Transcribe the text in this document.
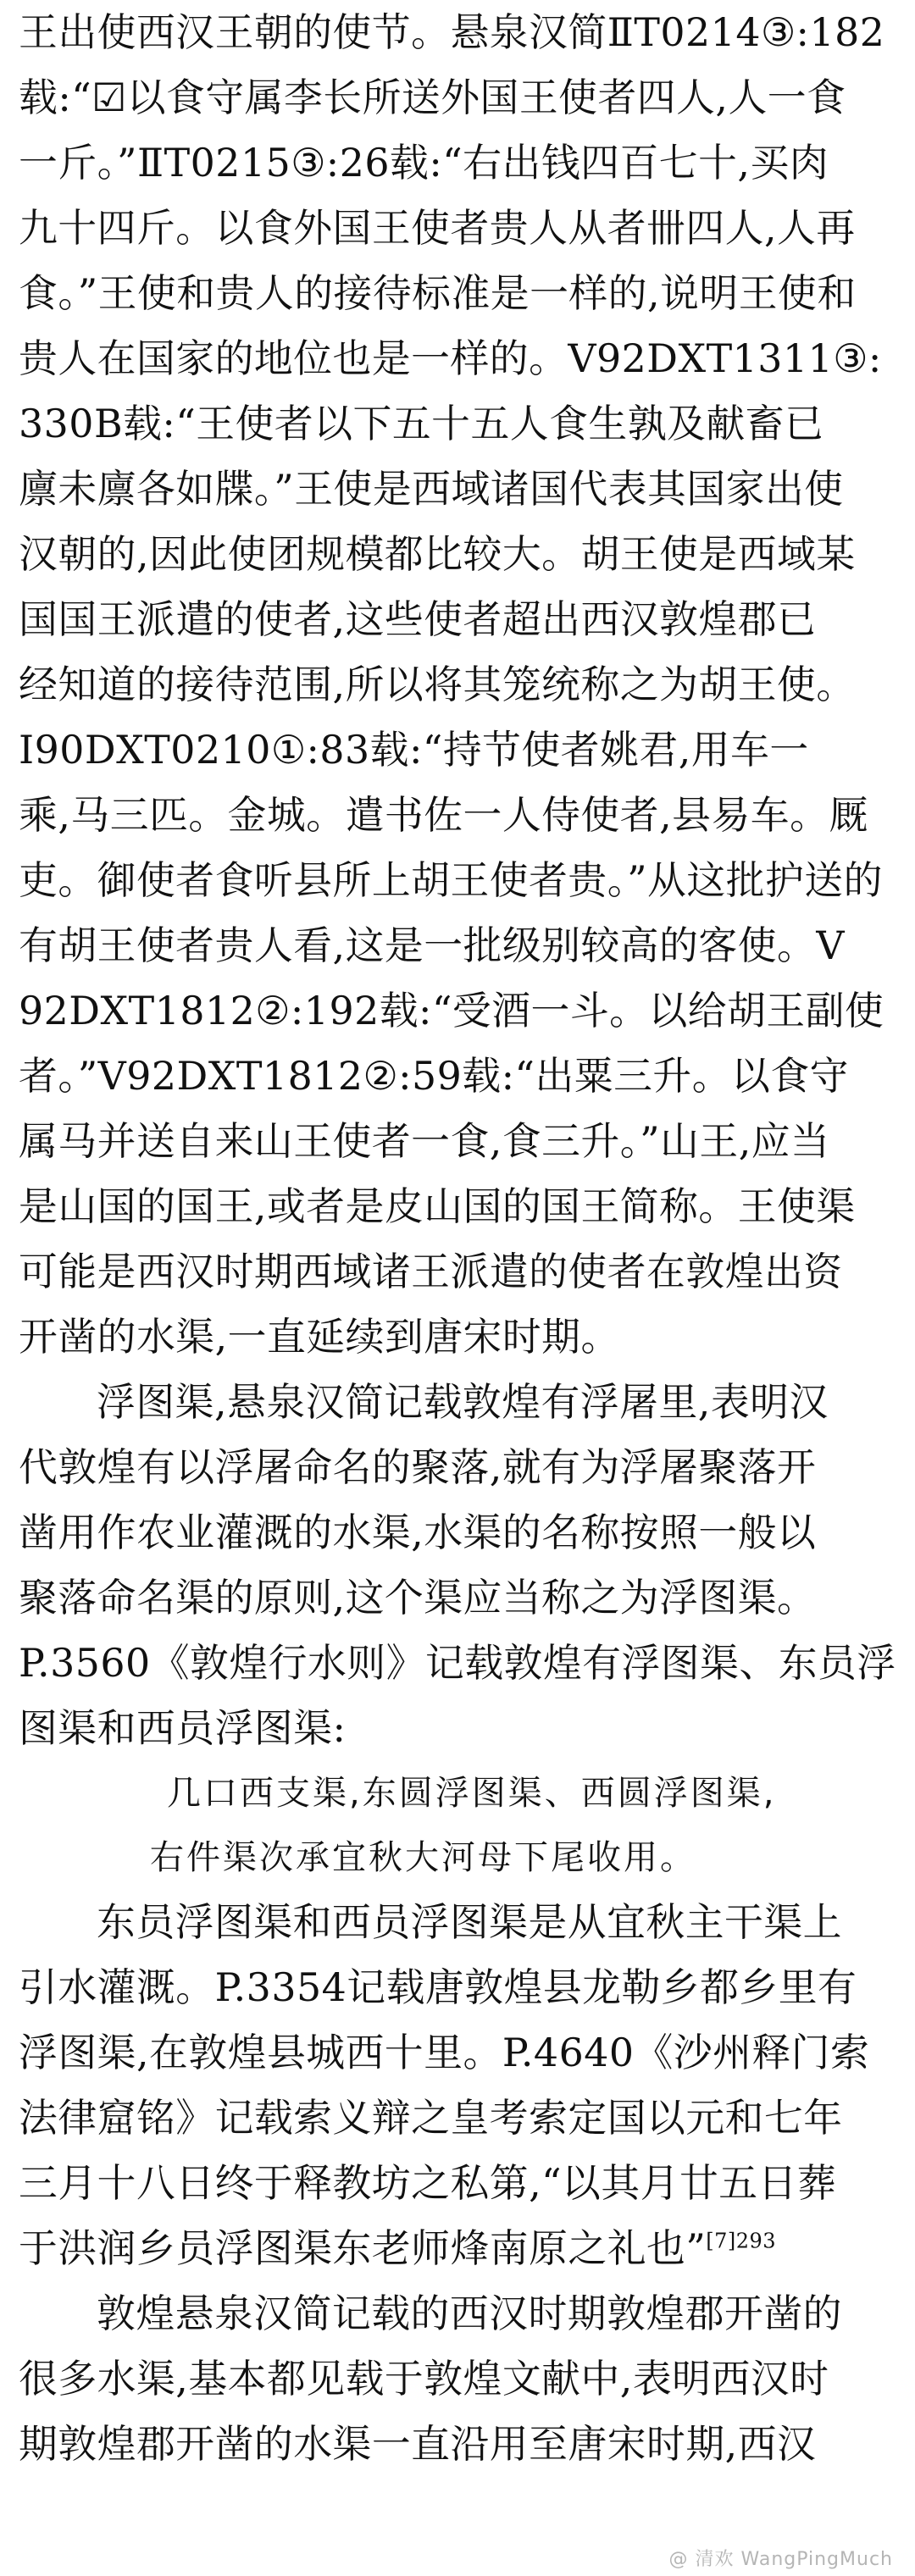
王出使西汉王朝的使节。悬泉汉简ⅡT0214③:182
载:“☑以食守属李长所送外国王使者四人,人一食
一斤。”ⅡT0215③:26载:“右出钱四百七十,买肉
九十四斤。以食外国王使者贵人从者卌四人,人再
食。”王使和贵人的接待标准是一样的,说明王使和
贵人在国家的地位也是一样的。Ⅴ92DXT1311③:
330B载:“王使者以下五十五人食生孰及献畜已
廪未廪各如牒。”王使是西域诸国代表其国家出使
汉朝的,因此使团规模都比较大。胡王使是西域某
国国王派遣的使者,这些使者超出西汉敦煌郡已
经知道的接待范围,所以将其笼统称之为胡王使。
Ⅰ90DXT0210①:83载:“持节使者姚君,用车一
乘,马三匹。金城。遣书佐一人侍使者,县易车。厩
吏。御使者食听县所上胡王使者贵。”从这批护送的
有胡王使者贵人看,这是一批级别较高的客使。Ⅴ
92DXT1812②:192载:“受酒一斗。以给胡王副使
者。”Ⅴ92DXT1812②:59载:“出粟三升。以食守
属马并送自来山王使者一食,食三升。”山王,应当
是山国的国王,或者是皮山国的国王简称。王使渠
可能是西汉时期西域诸王派遣的使者在敦煌出资
开凿的水渠,一直延续到唐宋时期。
浮图渠,悬泉汉简记载敦煌有浮屠里,表明汉
代敦煌有以浮屠命名的聚落,就有为浮屠聚落开
凿用作农业灌溉的水渠,水渠的名称按照一般以
聚落命名渠的原则,这个渠应当称之为浮图渠。
P.3560《敦煌行水则》记载敦煌有浮图渠、东员浮
图渠和西员浮图渠:
几口西支渠,东圆浮图渠、西圆浮图渠,
右件渠次承宜秋大河母下尾收用。
东员浮图渠和西员浮图渠是从宜秋主干渠上
引水灌溉。P.3354记载唐敦煌县龙勒乡都乡里有
浮图渠,在敦煌县城西十里。P.4640《沙州释门索
法律窟铭》记载索义辩之皇考索定国以元和七年
三月十八日终于释教坊之私第,“以其月廿五日葬
于洪润乡员浮图渠东老师烽南原之礼也”$^{[7]293}$
敦煌悬泉汉简记载的西汉时期敦煌郡开凿的
很多水渠,基本都见载于敦煌文献中,表明西汉时
期敦煌郡开凿的水渠一直沿用至唐宋时期,西汉
@ 清欢 WangPingMuch
